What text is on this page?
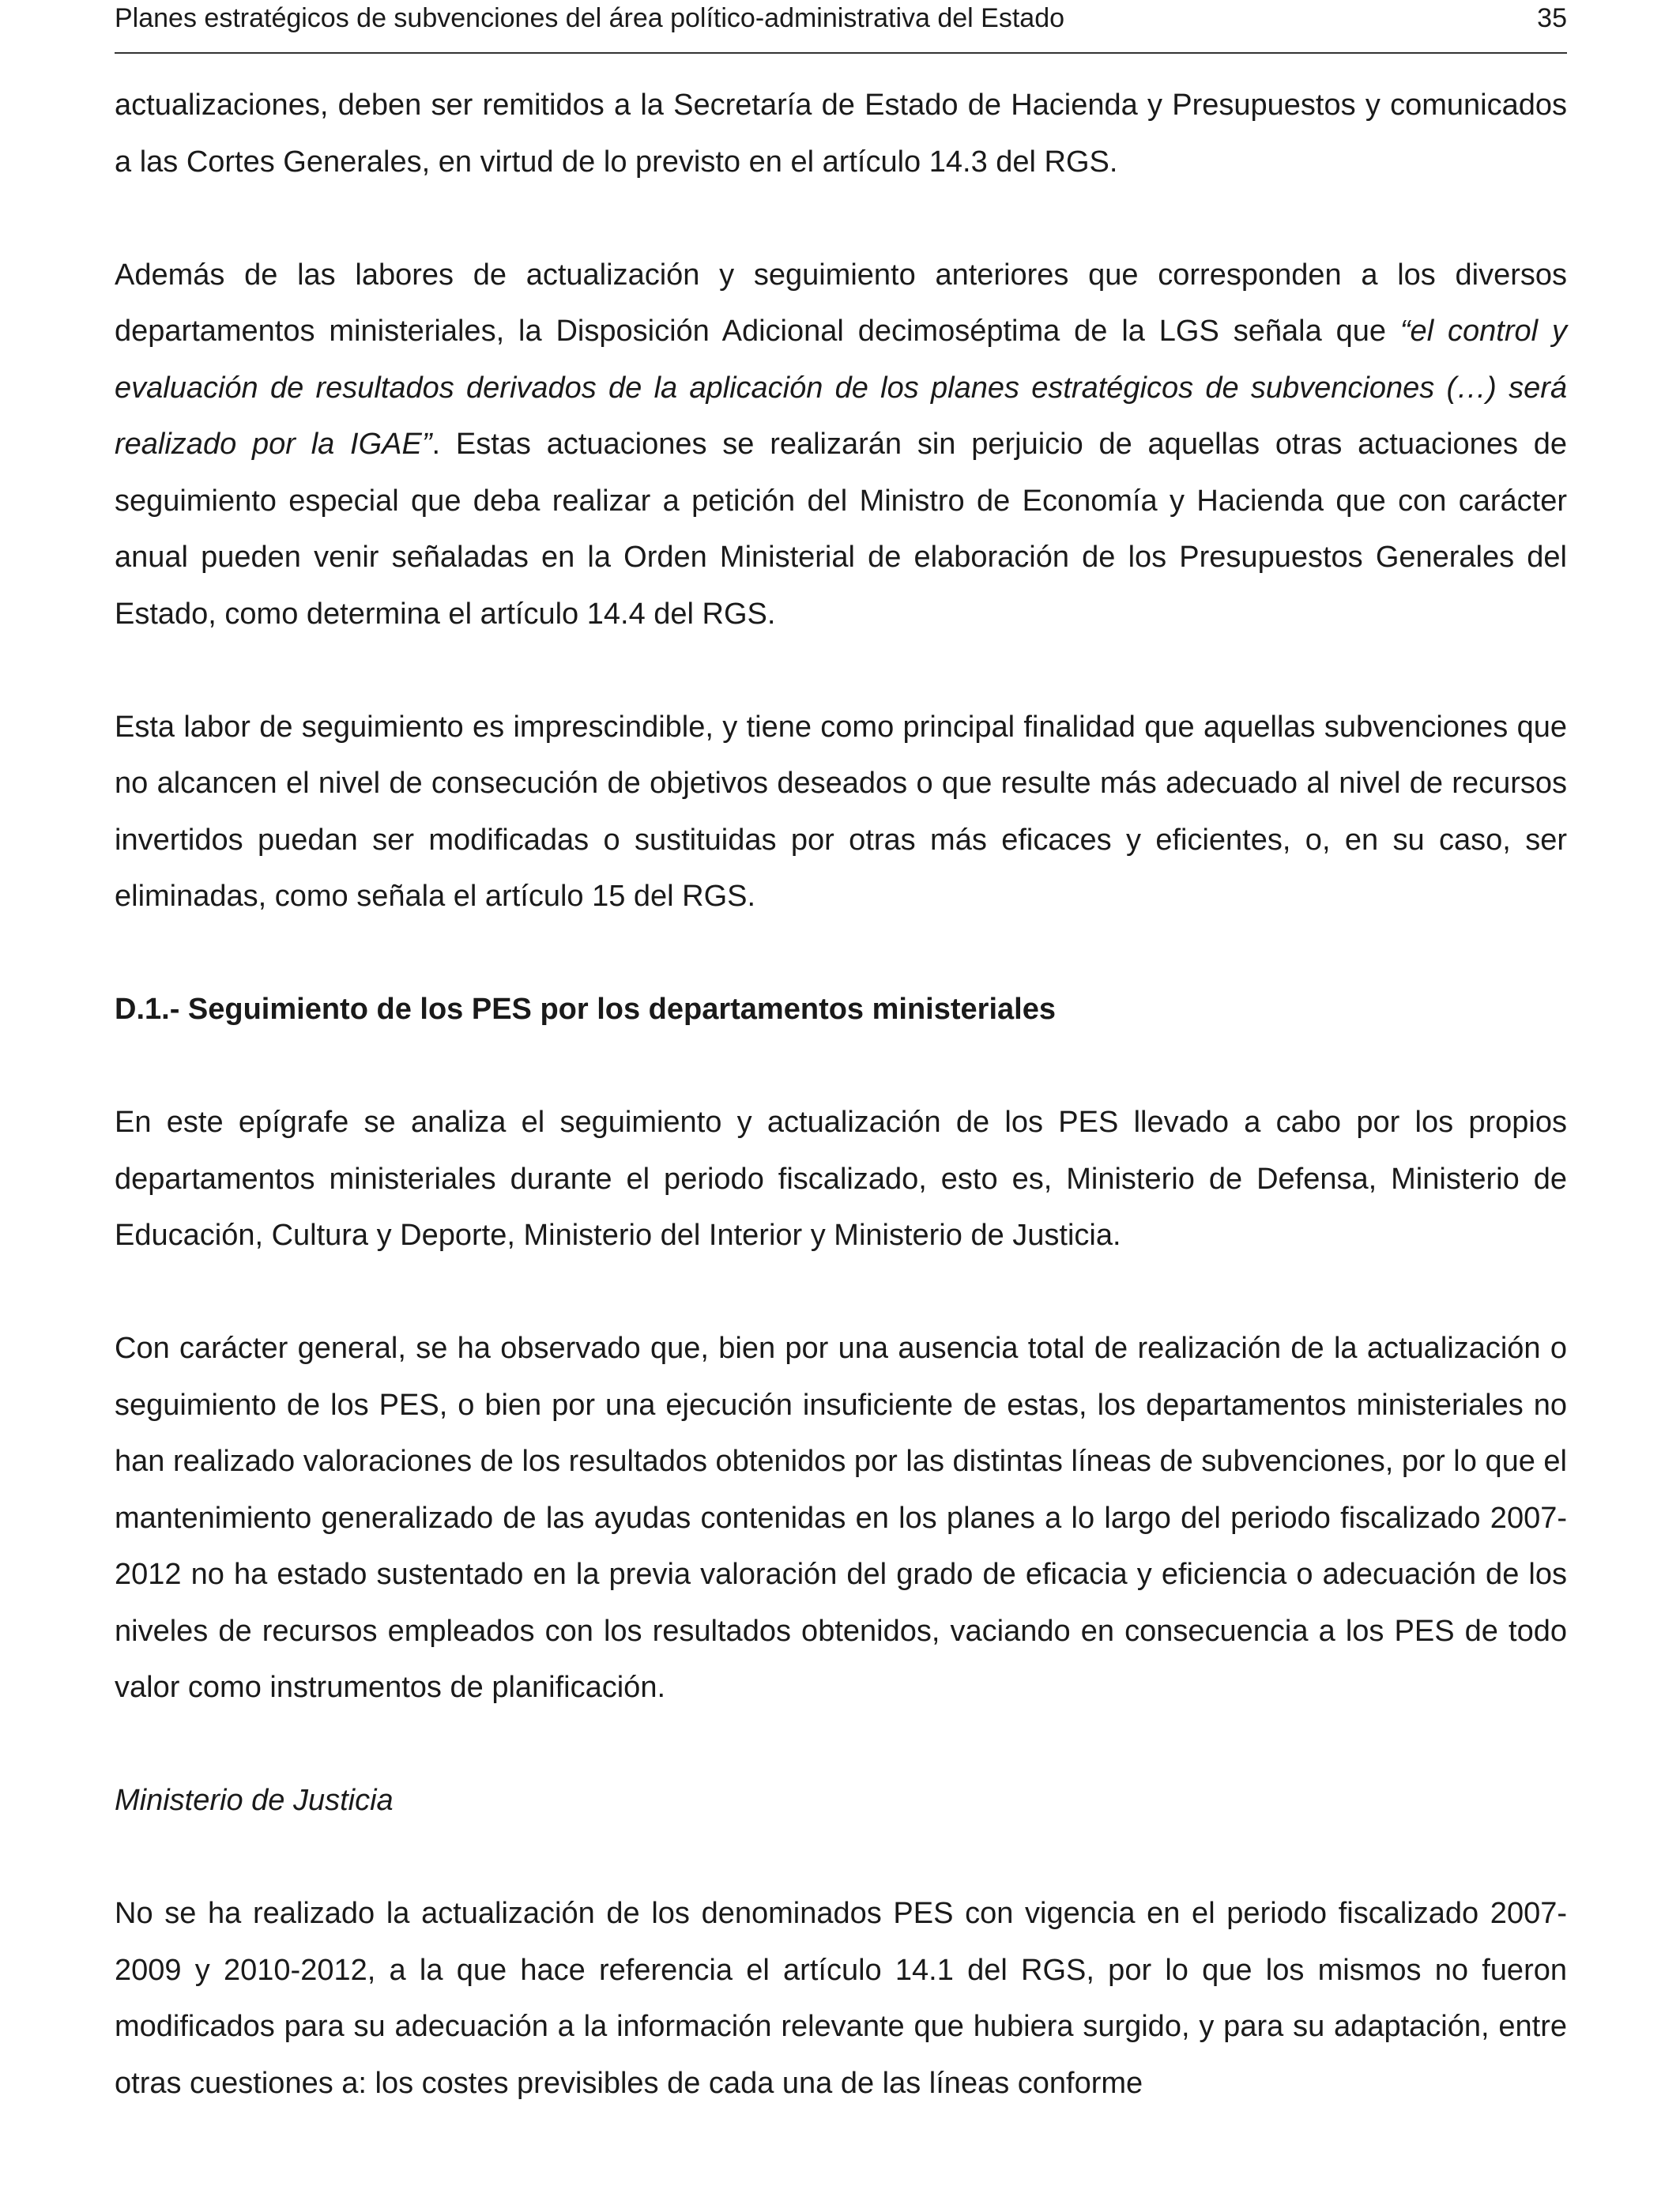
Planes estratégicos de subvenciones del área político-administrativa del Estado	35

actualizaciones, deben ser remitidos a la Secretaría de Estado de Hacienda y Presupuestos y comunicados a las Cortes Generales, en virtud de lo previsto en el artículo 14.3 del RGS.

Además de las labores de actualización y seguimiento anteriores que corresponden a los diversos departamentos ministeriales, la Disposición Adicional decimoséptima de la LGS señala que “el control y evaluación de resultados derivados de la aplicación de los planes estratégicos de subvenciones (…) será realizado por la IGAE”. Estas actuaciones se realizarán sin perjuicio de aquellas otras actuaciones de seguimiento especial que deba realizar a petición del Ministro de Economía y Hacienda que con carácter anual pueden venir señaladas en la Orden Ministerial de elaboración de los Presupuestos Generales del Estado, como determina el artículo 14.4 del RGS.

Esta labor de seguimiento es imprescindible, y tiene como principal finalidad que aquellas subvenciones que no alcancen el nivel de consecución de objetivos deseados o que resulte más adecuado al nivel de recursos invertidos puedan ser modificadas o sustituidas por otras más eficaces y eficientes, o, en su caso, ser eliminadas, como señala el artículo 15 del RGS.

D.1.- Seguimiento de los PES por los departamentos ministeriales

En este epígrafe se analiza el seguimiento y actualización de los PES llevado a cabo por los propios departamentos ministeriales durante el periodo fiscalizado, esto es, Ministerio de Defensa, Ministerio de Educación, Cultura y Deporte, Ministerio del Interior y Ministerio de Justicia.

Con carácter general, se ha observado que, bien por una ausencia total de realización de la actualización o seguimiento de los PES, o bien por una ejecución insuficiente de estas, los departamentos ministeriales no han realizado valoraciones de los resultados obtenidos por las distintas líneas de subvenciones, por lo que el mantenimiento generalizado de las ayudas contenidas en los planes a lo largo del periodo fiscalizado 2007-2012 no ha estado sustentado en la previa valoración del grado de eficacia y eficiencia o adecuación de los niveles de recursos empleados con los resultados obtenidos, vaciando en consecuencia a los PES de todo valor como instrumentos de planificación.

Ministerio de Justicia

No se ha realizado la actualización de los denominados PES con vigencia en el periodo fiscalizado 2007-2009 y 2010-2012, a la que hace referencia el artículo 14.1 del RGS, por lo que los mismos no fueron modificados para su adecuación a la información relevante que hubiera surgido, y para su adaptación, entre otras cuestiones a: los costes previsibles de cada una de las líneas conforme
